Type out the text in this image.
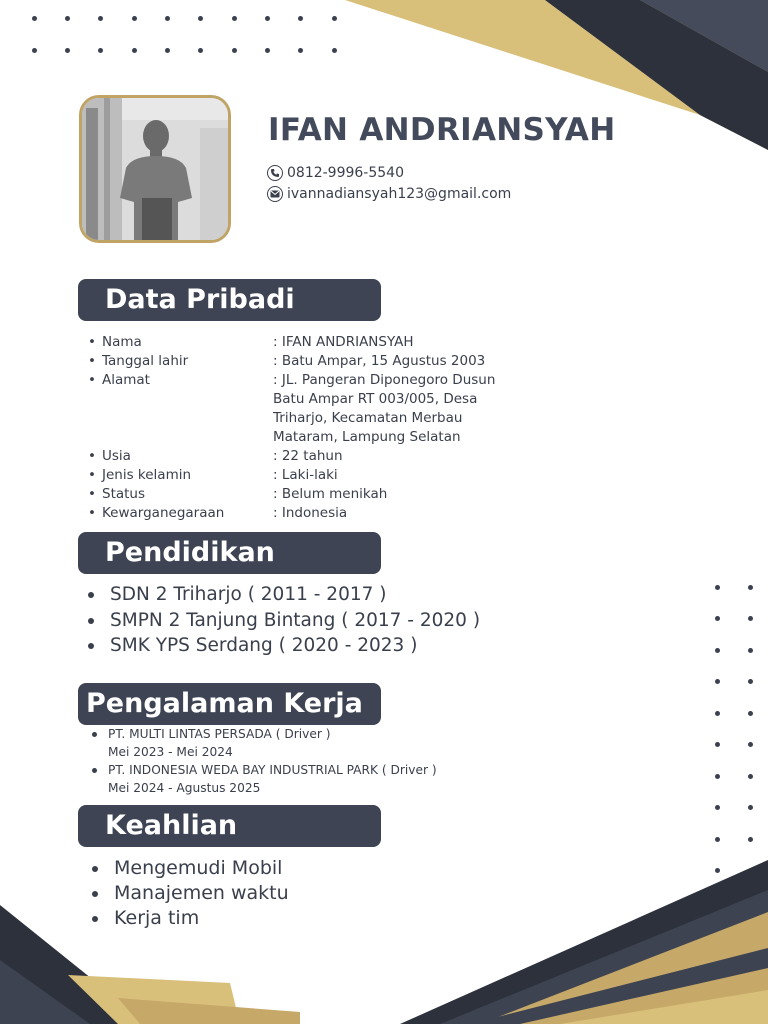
IFAN ANDRIANSYAH
0812-9996-5540
ivannadiansyah123@gmail.com
Data Pribadi
• Nama	: IFAN ANDRIANSYAH
• Tanggal lahir	: Batu Ampar, 15 Agustus 2003
• Alamat	: JL. Pangeran Diponegoro Dusun
Batu Ampar RT 003/005, Desa
Triharjo, Kecamatan Merbau
Mataram, Lampung Selatan
• Usia	: 22 tahun
• Jenis kelamin	: Laki-laki
• Status	: Belum menikah
• Kewarganegaraan	: Indonesia
Pendidikan
SDN 2 Triharjo ( 2011 - 2017 )
SMPN 2 Tanjung Bintang ( 2017 - 2020 )
SMK YPS Serdang ( 2020 - 2023 )
Pengalaman Kerja
PT. MULTI LINTAS PERSADA ( Driver )
Mei 2023 - Mei 2024
PT. INDONESIA WEDA BAY INDUSTRIAL PARK ( Driver )
Mei 2024 - Agustus 2025
Keahlian
Mengemudi Mobil
Manajemen waktu
Kerja tim
